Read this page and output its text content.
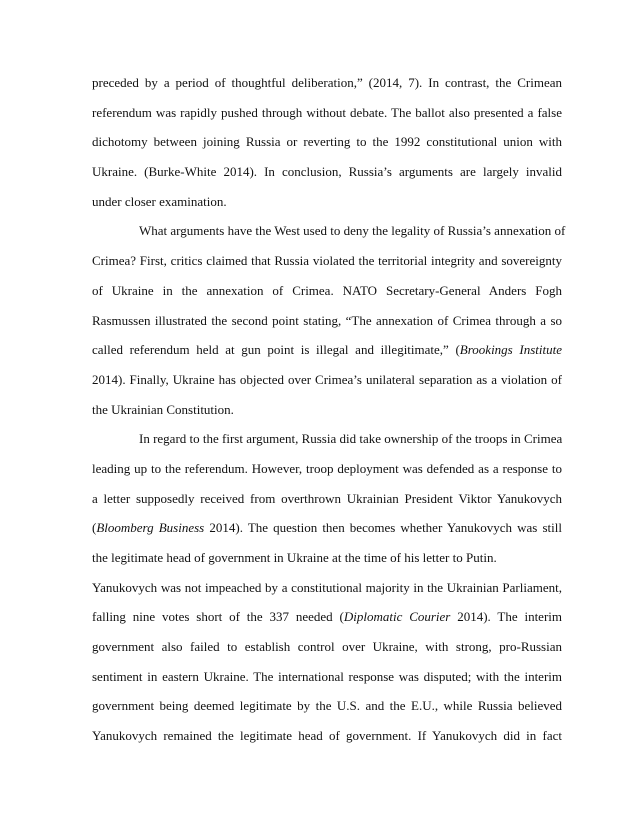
preceded by a period of thoughtful deliberation,” (2014, 7). In contrast, the Crimean
referendum was rapidly pushed through without debate. The ballot also presented a false
dichotomy between joining Russia or reverting to the 1992 constitutional union with
Ukraine. (Burke-White 2014). In conclusion, Russia’s arguments are largely invalid
under closer examination.
What arguments have the West used to deny the legality of Russia’s annexation of
Crimea? First, critics claimed that Russia violated the territorial integrity and sovereignty
of Ukraine in the annexation of Crimea. NATO Secretary-General Anders Fogh
Rasmussen illustrated the second point stating, “The annexation of Crimea through a so
called referendum held at gun point is illegal and illegitimate,” (Brookings Institute
2014). Finally, Ukraine has objected over Crimea’s unilateral separation as a violation of
the Ukrainian Constitution.
In regard to the first argument, Russia did take ownership of the troops in Crimea
leading up to the referendum. However, troop deployment was defended as a response to
a letter supposedly received from overthrown Ukrainian President Viktor Yanukovych
(Bloomberg Business 2014). The question then becomes whether Yanukovych was still
the legitimate head of government in Ukraine at the time of his letter to Putin.
Yanukovych was not impeached by a constitutional majority in the Ukrainian Parliament,
falling nine votes short of the 337 needed (Diplomatic Courier 2014). The interim
government also failed to establish control over Ukraine, with strong, pro-Russian
sentiment in eastern Ukraine. The international response was disputed; with the interim
government being deemed legitimate by the U.S. and the E.U., while Russia believed
Yanukovych remained the legitimate head of government. If Yanukovych did in fact
